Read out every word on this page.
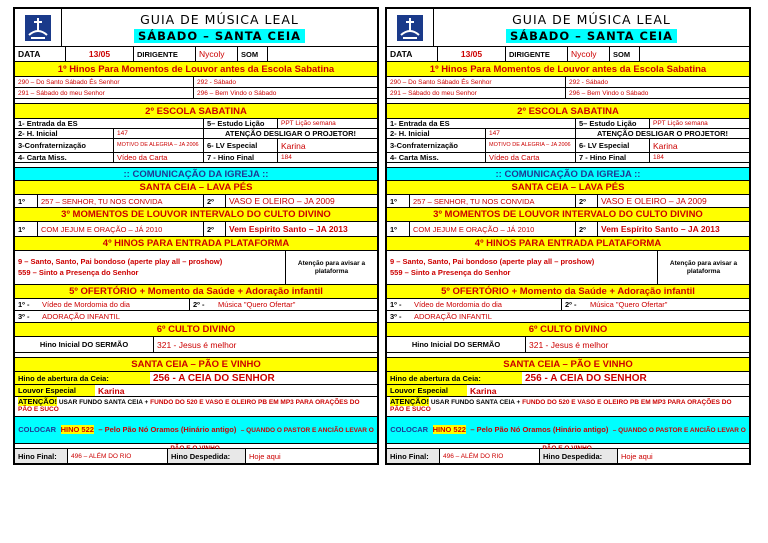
GUIA DE MÚSICA LEAL
SÁBADO – SANTA CEIA
DATA	13/05	DIRIGENTE	Nycoly	SOM
1º Hinos Para Momentos de Louvor antes da Escola Sabatina
290 – Do Santo Sábado És Senhor	292 - Sábado
291 – Sábado do meu Senhor	296 – Bem Vindo o Sábado
2º ESCOLA SABATINA
1- Entrada da ES	5– Estudo Lição	PPT Lição semana
2- H. Inicial	147	ATENÇÃO DESLIGAR O PROJETOR!
3-Confraternização	MOTIVO DE ALEGRIA – JA 2006	6- LV Especial	Karina
4- Carta Miss.	Vídeo da Carta	7 - Hino Final	184
:: COMUNICAÇÃO DA IGREJA ::
SANTA CEIA – LAVA PÉS
1º	257 – SENHOR, TU NOS CONVIDA	2º	VASO E OLEIRO – JA 2009
3º MOMENTOS DE LOUVOR INTERVALO DO CULTO DIVINO
1º	COM JEJUM E ORAÇÃO – JÁ 2010	2º	Vem Espírito Santo – JA 2013
4º HINOS PARA ENTRADA PLATAFORMA
9 – Santo, Santo, Pai bondoso (aperte play all – proshow)
559 – Sinto a Presença do Senhor
Atenção para avisar a plataforma
5º OFERTÓRIO + Momento da Saúde + Adoração infantil
1º -	Vídeo de Mordomia do dia	2º -	Música "Quero Ofertar"
3º -	ADORAÇÃO INFANTIL
6º CULTO DIVINO
Hino Inicial DO SERMÃO	321 - Jesus é melhor
SANTA CEIA – PÃO E VINHO
Hino de abertura da Ceia:	256 - A CEIA DO SENHOR
Louvor Especial	Karina
ATENÇÃO! USAR FUNDO SANTA CEIA + FUNDO DO 520 E VASO E OLEIRO PB EM MP3 PARA ORAÇÕES DO PÃO E SUCO
COLOCAR HINO 522 – Pelo Pão Nó Oramos (Hinário antigo) – QUANDO O PASTOR E ANCIÃO LEVAR O
Hino Final:	496 – ALÉM DO RIO	Hino Despedida:	Hoje aqui
GUIA DE MÚSICA LEAL
SÁBADO – SANTA CEIA
DATA	13/05	DIRIGENTE	Nycoly	SOM
1º Hinos Para Momentos de Louvor antes da Escola Sabatina
290 – Do Santo Sábado És Senhor	292 - Sábado
291 – Sábado do meu Senhor	296 – Bem Vindo o Sábado
2º ESCOLA SABATINA
1- Entrada da ES	5– Estudo Lição	PPT Lição semana
2- H. Inicial	147	ATENÇÃO DESLIGAR O PROJETOR!
3-Confraternização	MOTIVO DE ALEGRIA – JA 2006	6- LV Especial	Karina
4- Carta Miss.	Vídeo da Carta	7 - Hino Final	184
:: COMUNICAÇÃO DA IGREJA ::
SANTA CEIA – LAVA PÉS
1º	257 – SENHOR, TU NOS CONVIDA	2º	VASO E OLEIRO – JA 2009
3º MOMENTOS DE LOUVOR INTERVALO DO CULTO DIVINO
1º	COM JEJUM E ORAÇÃO – JÁ 2010	2º	Vem Espírito Santo – JA 2013
4º HINOS PARA ENTRADA PLATAFORMA
9 – Santo, Santo, Pai bondoso (aperte play all – proshow)
559 – Sinto a Presença do Senhor
Atenção para avisar a plataforma
5º OFERTÓRIO + Momento da Saúde + Adoração infantil
1º -	Vídeo de Mordomia do dia	2º -	Música "Quero Ofertar"
3º -	ADORAÇÃO INFANTIL
6º CULTO DIVINO
Hino Inicial DO SERMÃO	321 - Jesus é melhor
SANTA CEIA – PÃO E VINHO
Hino de abertura da Ceia:	256 - A CEIA DO SENHOR
Louvor Especial	Karina
ATENÇÃO! USAR FUNDO SANTA CEIA + FUNDO DO 520 E VASO E OLEIRO PB EM MP3 PARA ORAÇÕES DO PÃO E SUCO
COLOCAR HINO 522 – Pelo Pão Nó Oramos (Hinário antigo) – QUANDO O PASTOR E ANCIÃO LEVAR O
Hino Final:	496 – ALÉM DO RIO	Hino Despedida:	Hoje aqui
